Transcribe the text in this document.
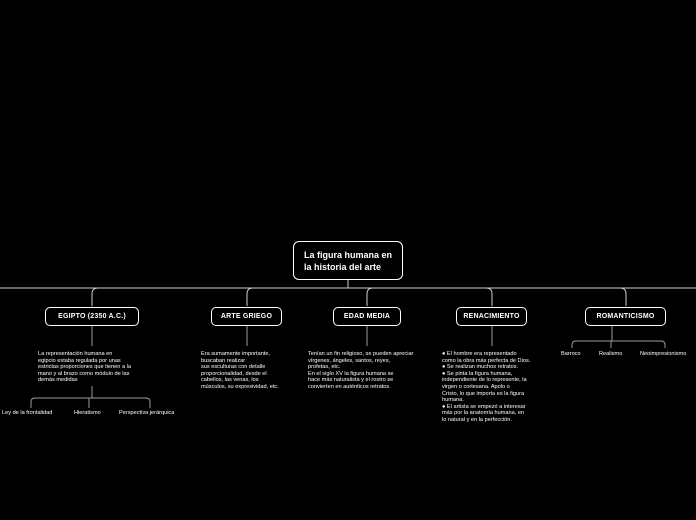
La figura humana en la historia del arte
EGIPTO (2350 A.C.)	ARTE GRIEGO	EDAD MEDIA	RENACIMIENTO	ROMANTICISMO
La representación humana en
egipcio estaba regulada por unas
estrictas proporciones que tienen a la
mano y al brazo como módulo de las
demás medidas
Era sumamente importante,
buscaban realizar
sus esculturas con detalle
proporcionalidad, desde el
cabellos, las venas, los
músculos, su expresividad, etc.
Tenían un fin religioso, se pueden apreciar
vírgenes, ángeles, santos, reyes,
profetas, etc.
En el siglo XV la figura humana se
hace más naturalista y el rostro se
convierten en auténticos retratos.
● El hombre era representado
como la obra más perfecta de Dios.
● Se realizan muchos retratos.
● Se pinta la figura humana,
independiente de lo represente, la
virgen o cortesana. Apolo o
Cristo, lo que importa es la figura
humana.
● El artista se empezó a interesar
más por la anatomía humana, en
lo natural y en la perfección.
Ley de la frontalidad	Hieratismo	Perspectiva jerárquica
Barroco	Realismo	Neoimpresionismo
